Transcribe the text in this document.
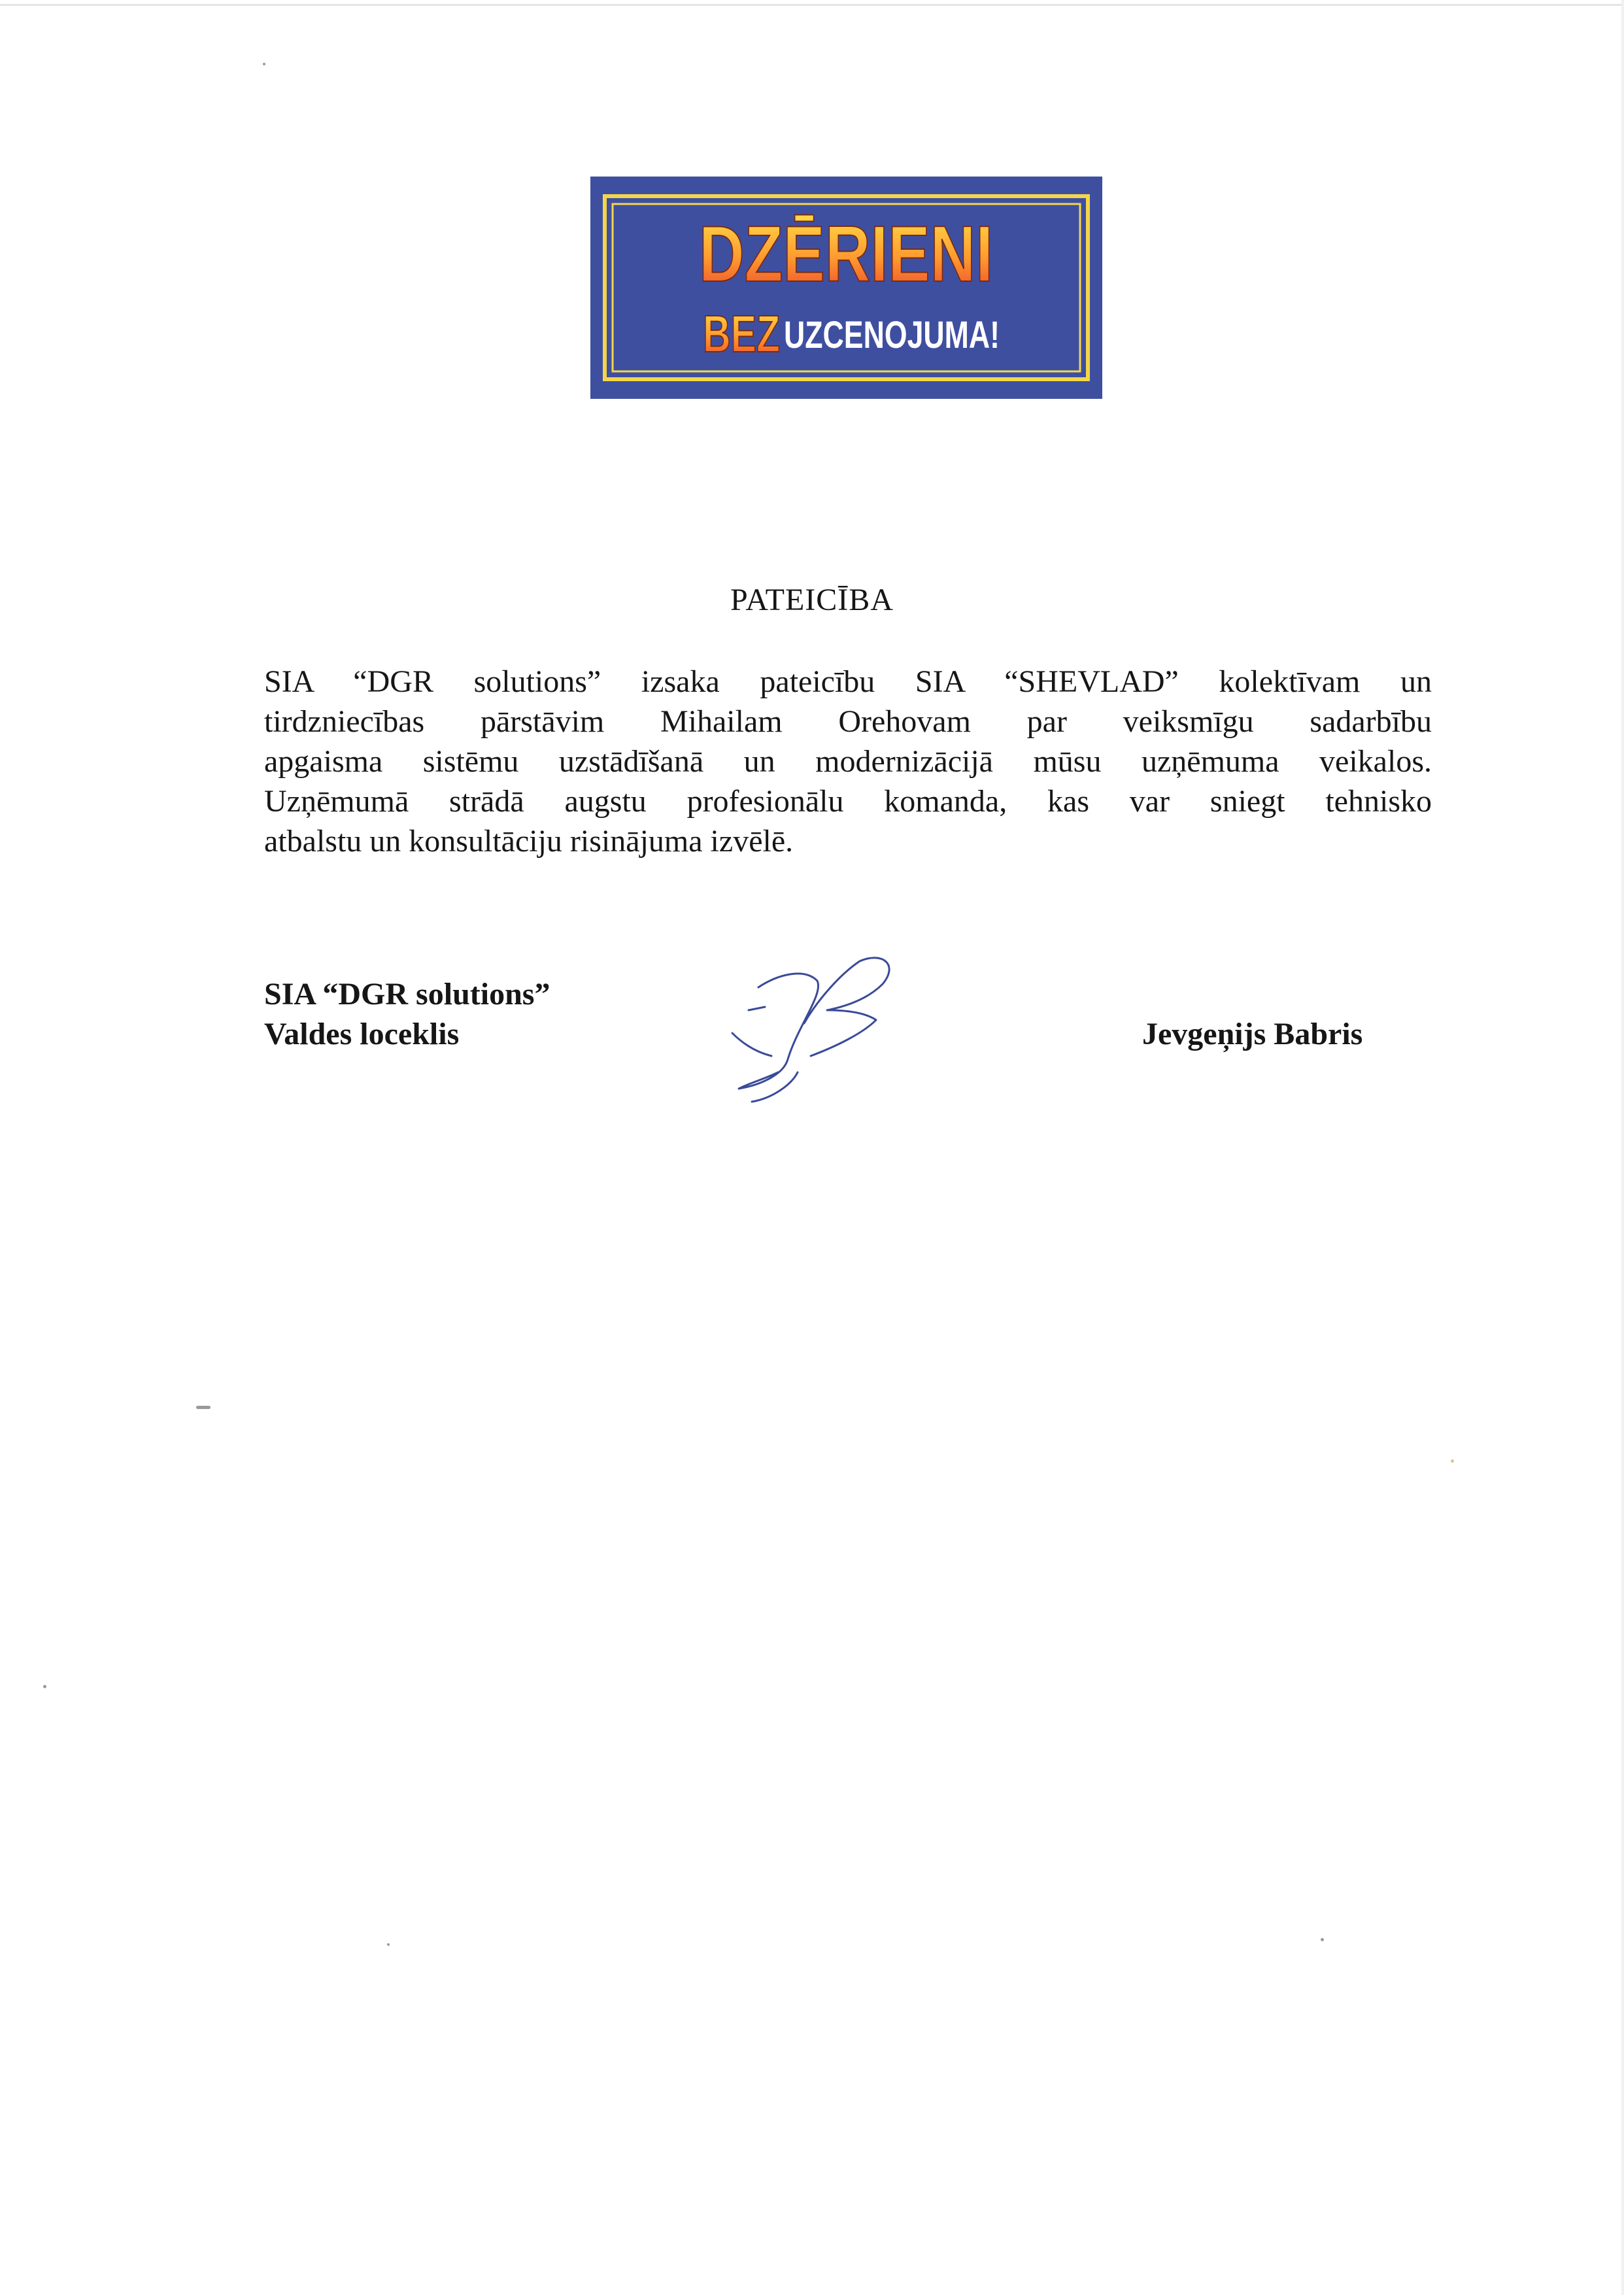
DZĒRIENI
BEZ UZCENOJUMA!
PATEICĪBA

SIA “DGR solutions” izsaka pateicību SIA “SHEVLAD” kolektīvam un

tirdzniecības pārstāvim Mihailam Orehovam par veiksmīgu sadarbību

apgaisma sistēmu uzstādīšanā un modernizācijā mūsu uzņēmuma veikalos.

Uzņēmumā strādā augstu profesionālu komanda, kas var sniegt tehnisko

atbalstu un konsultāciju risinājuma izvēlē.

SIA “DGR solutions”
Valdes loceklis	Jevgeņijs Babris
